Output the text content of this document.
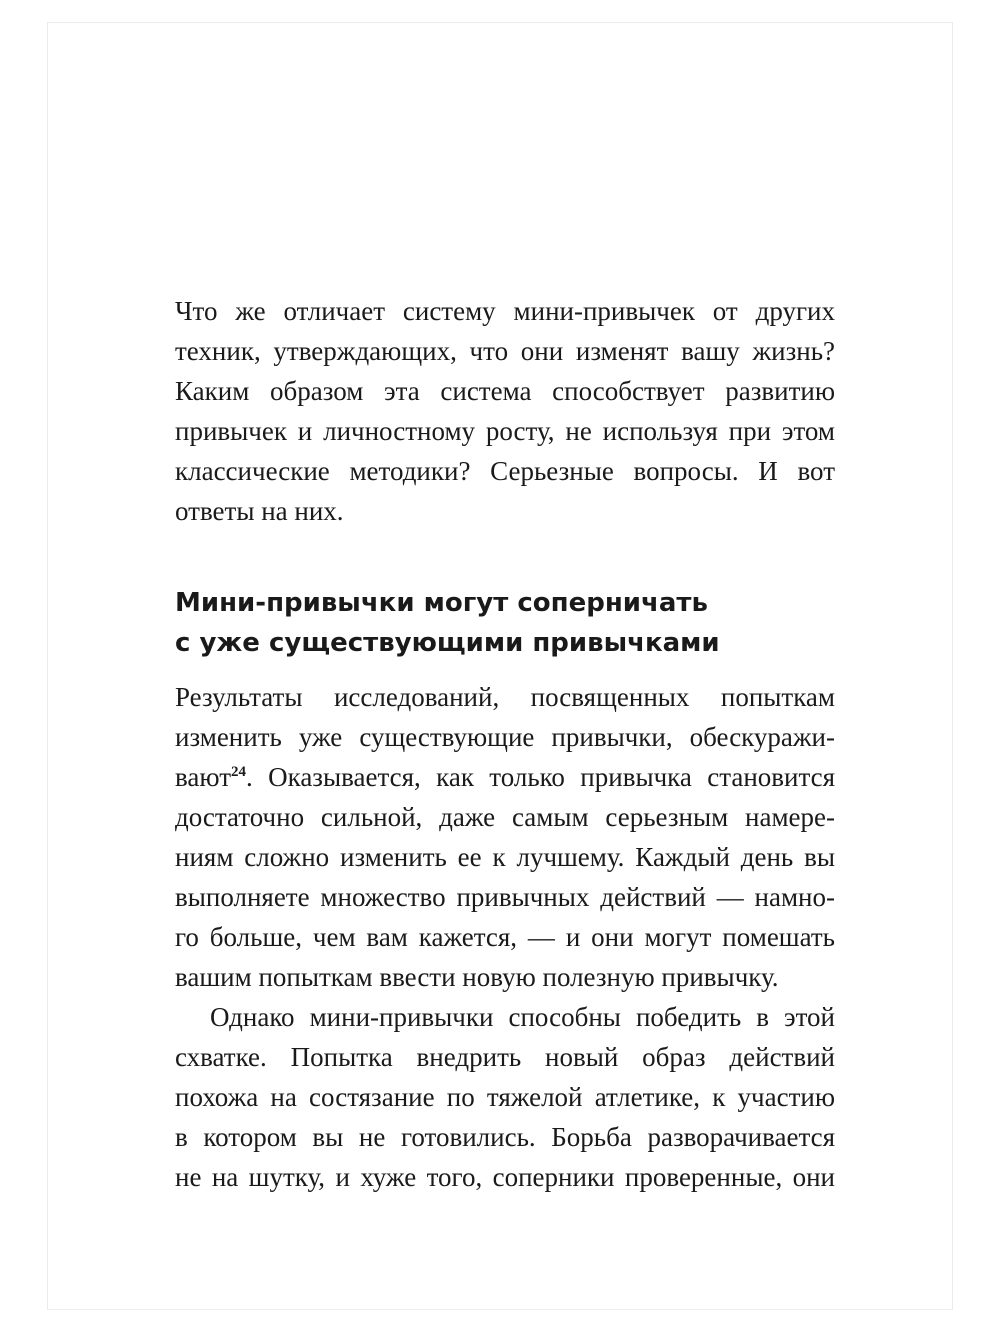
Что же отличает систему мини-привычек от других
техник, утверждающих, что они изменят вашу жизнь?
Каким образом эта система способствует развитию
привычек и личностному росту, не используя при этом
классические методики? Серьезные вопросы. И вот
ответы на них.
Мини-привычки могут соперничать
с уже существующими привычками
Результаты исследований, посвященных попыткам
изменить уже существующие привычки, обескуражи-
вают$^{24}$. Оказывается, как только привычка становится
достаточно сильной, даже самым серьезным намере-
ниям сложно изменить ее к лучшему. Каждый день вы
выполняете множество привычных действий — намно-
го больше, чем вам кажется, — и они могут помешать
вашим попыткам ввести новую полезную привычку.
Однако мини-привычки способны победить в этой
схватке. Попытка внедрить новый образ действий
похожа на состязание по тяжелой атлетике, к участию
в котором вы не готовились. Борьба разворачивается
не на шутку, и хуже того, соперники проверенные, они
